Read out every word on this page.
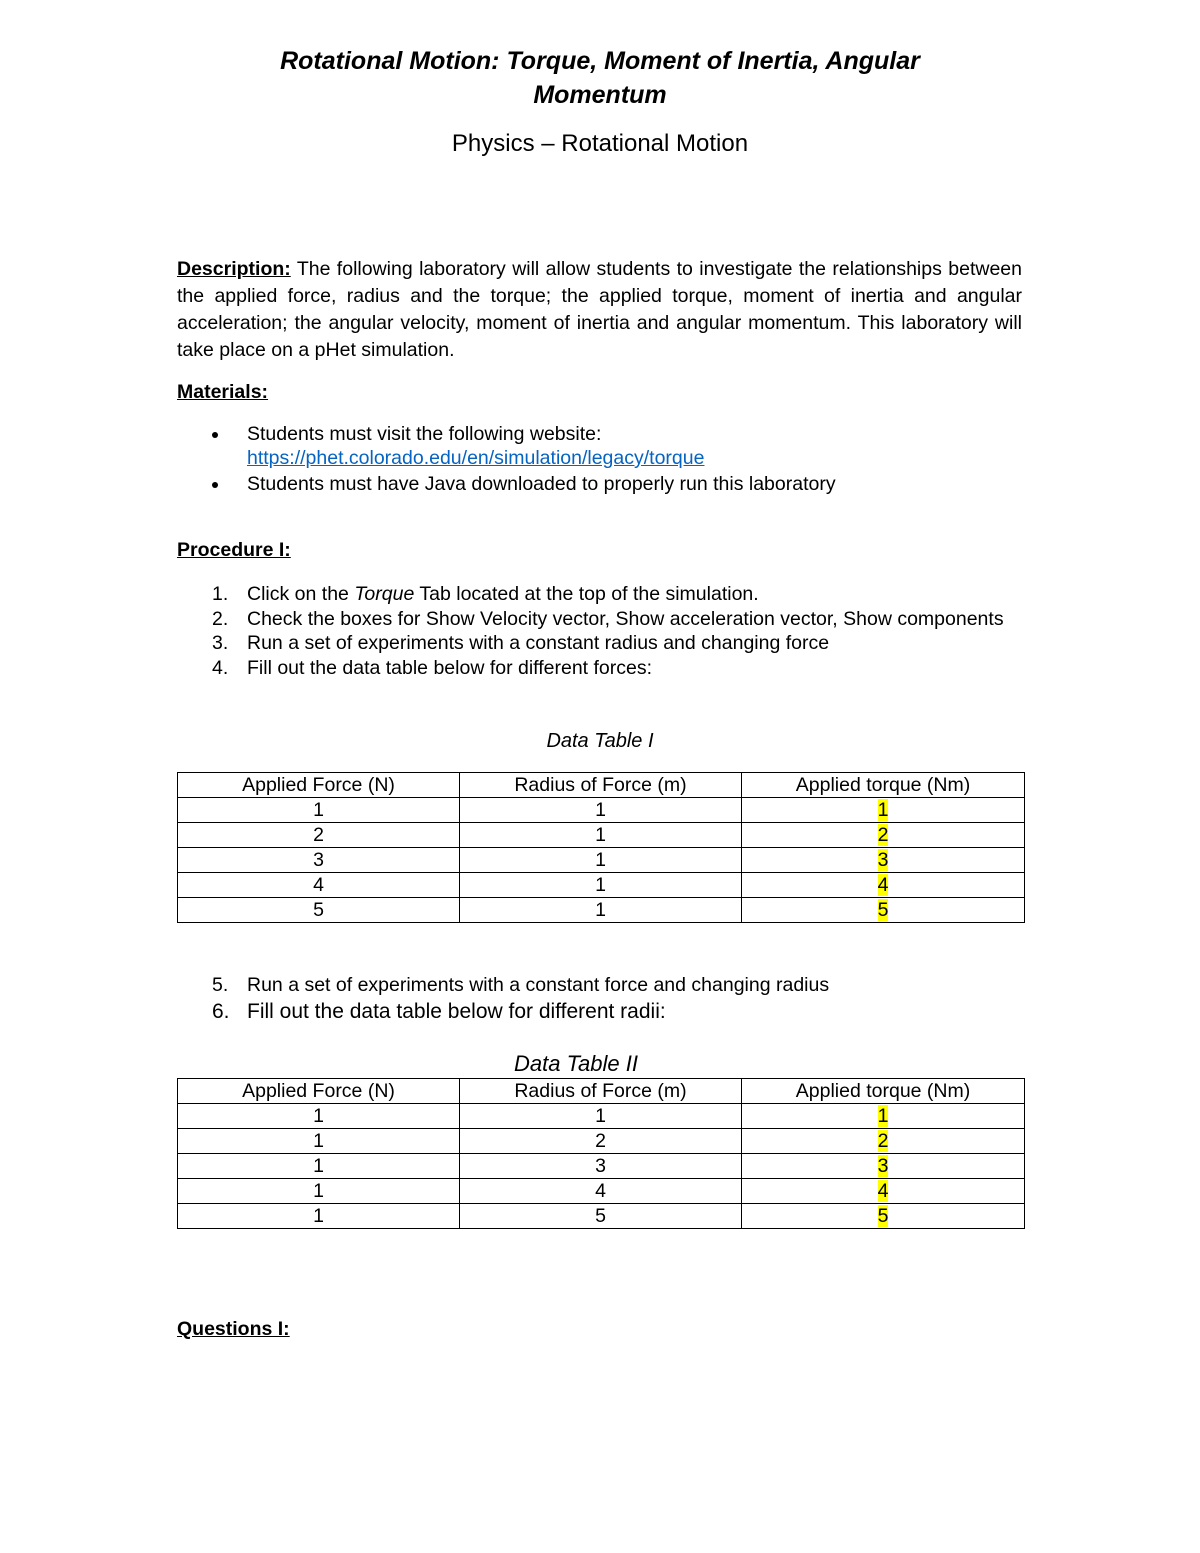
Rotational Motion: Torque, Moment of Inertia, Angular
Momentum
Physics – Rotational Motion
Description: The following laboratory will allow students to investigate the relationships between the applied force, radius and the torque; the applied torque, moment of inertia and angular acceleration; the angular velocity, moment of inertia and angular momentum. This laboratory will take place on a pHet simulation.
Materials:
Students must visit the following website:
https://phet.colorado.edu/en/simulation/legacy/torque
Students must have Java downloaded to properly run this laboratory
Procedure I:
1. Click on the Torque Tab located at the top of the simulation.
2. Check the boxes for Show Velocity vector, Show acceleration vector, Show components
3. Run a set of experiments with a constant radius and changing force
4. Fill out the data table below for different forces:
Data Table I
Applied Force (N)	Radius of Force (m)	Applied torque (Nm)
1	1	1
2	1	2
3	1	3
4	1	4
5	1	5
5. Run a set of experiments with a constant force and changing radius
6. Fill out the data table below for different radii:
Data Table II
Applied Force (N)	Radius of Force (m)	Applied torque (Nm)
1	1	1
1	2	2
1	3	3
1	4	4
1	5	5
Questions I:
